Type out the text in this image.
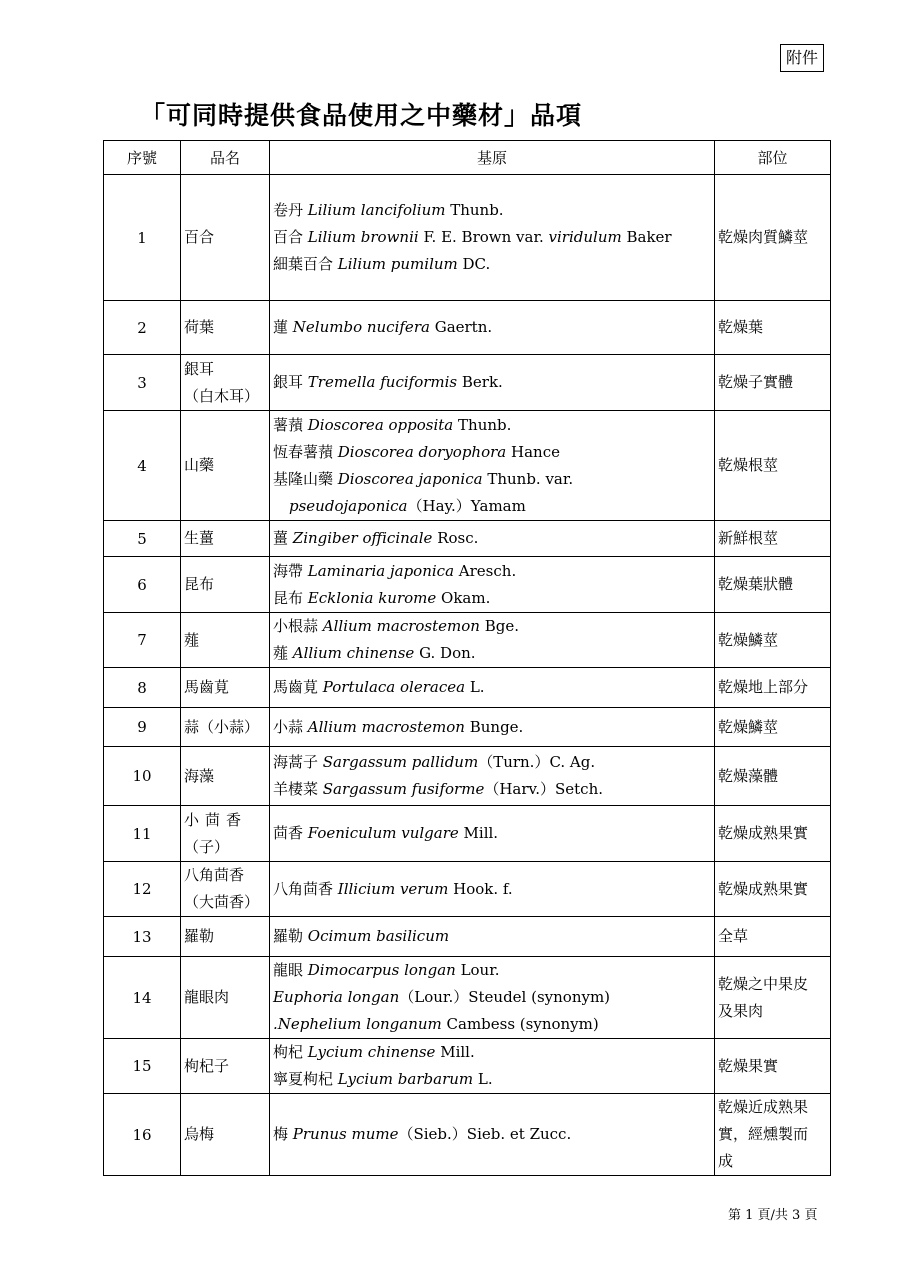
附件
「可同時提供食品使用之中藥材」品項
序號	品名	基原	部位
1	百合	卷丹 Lilium lancifolium Thunb.
百合 Lilium brownii F. E. Brown var. viridulum Baker
細葉百合 Lilium pumilum DC.	乾燥肉質鱗莖

2	荷葉	蓮 Nelumbo nucifera Gaertn.	乾燥葉

3	銀耳
（白木耳）	銀耳 Tremella fuciformis Berk.	乾燥子實體

4	山藥	薯蕷 Dioscorea opposita Thunb.
恆春薯蕷 Dioscorea doryophora Hance
基隆山藥 Dioscorea japonica Thunb. var.
pseudojaponica（Hay.）Yamam	乾燥根莖

5	生薑	薑 Zingiber officinale Rosc.	新鮮根莖

6	昆布	海帶 Laminaria japonica Aresch.
昆布 Ecklonia kurome Okam.	乾燥葉狀體

7	薤	小根蒜 Allium macrostemon Bge.
薤 Allium chinense G. Don.	乾燥鱗莖

8	馬齒莧	馬齒莧 Portulaca oleracea L.	乾燥地上部分

9	蒜（小蒜）	小蒜 Allium macrostemon Bunge.	乾燥鱗莖

10	海藻	海蒿子 Sargassum pallidum（Turn.）C. Ag.
羊棲菜 Sargassum fusiforme（Harv.）Setch.	乾燥藻體

11	小茴香
（子）	茴香 Foeniculum vulgare Mill.	乾燥成熟果實

12	八角茴香
（大茴香）	八角茴香 Illicium verum Hook. f.	乾燥成熟果實

13	羅勒	羅勒 Ocimum basilicum	全草

14	龍眼肉	龍眼 Dimocarpus longan Lour.
Euphoria longan（Lour.）Steudel (synonym)
.Nephelium longanum Cambess (synonym)	乾燥之中果皮
及果肉

15	枸杞子	枸杞 Lycium chinense Mill.
寧夏枸杞 Lycium barbarum L.	乾燥果實

16	烏梅	梅 Prunus mume（Sieb.）Sieb. et Zucc.	乾燥近成熟果
實，經燻製而
成
第 1 頁/共 3 頁
